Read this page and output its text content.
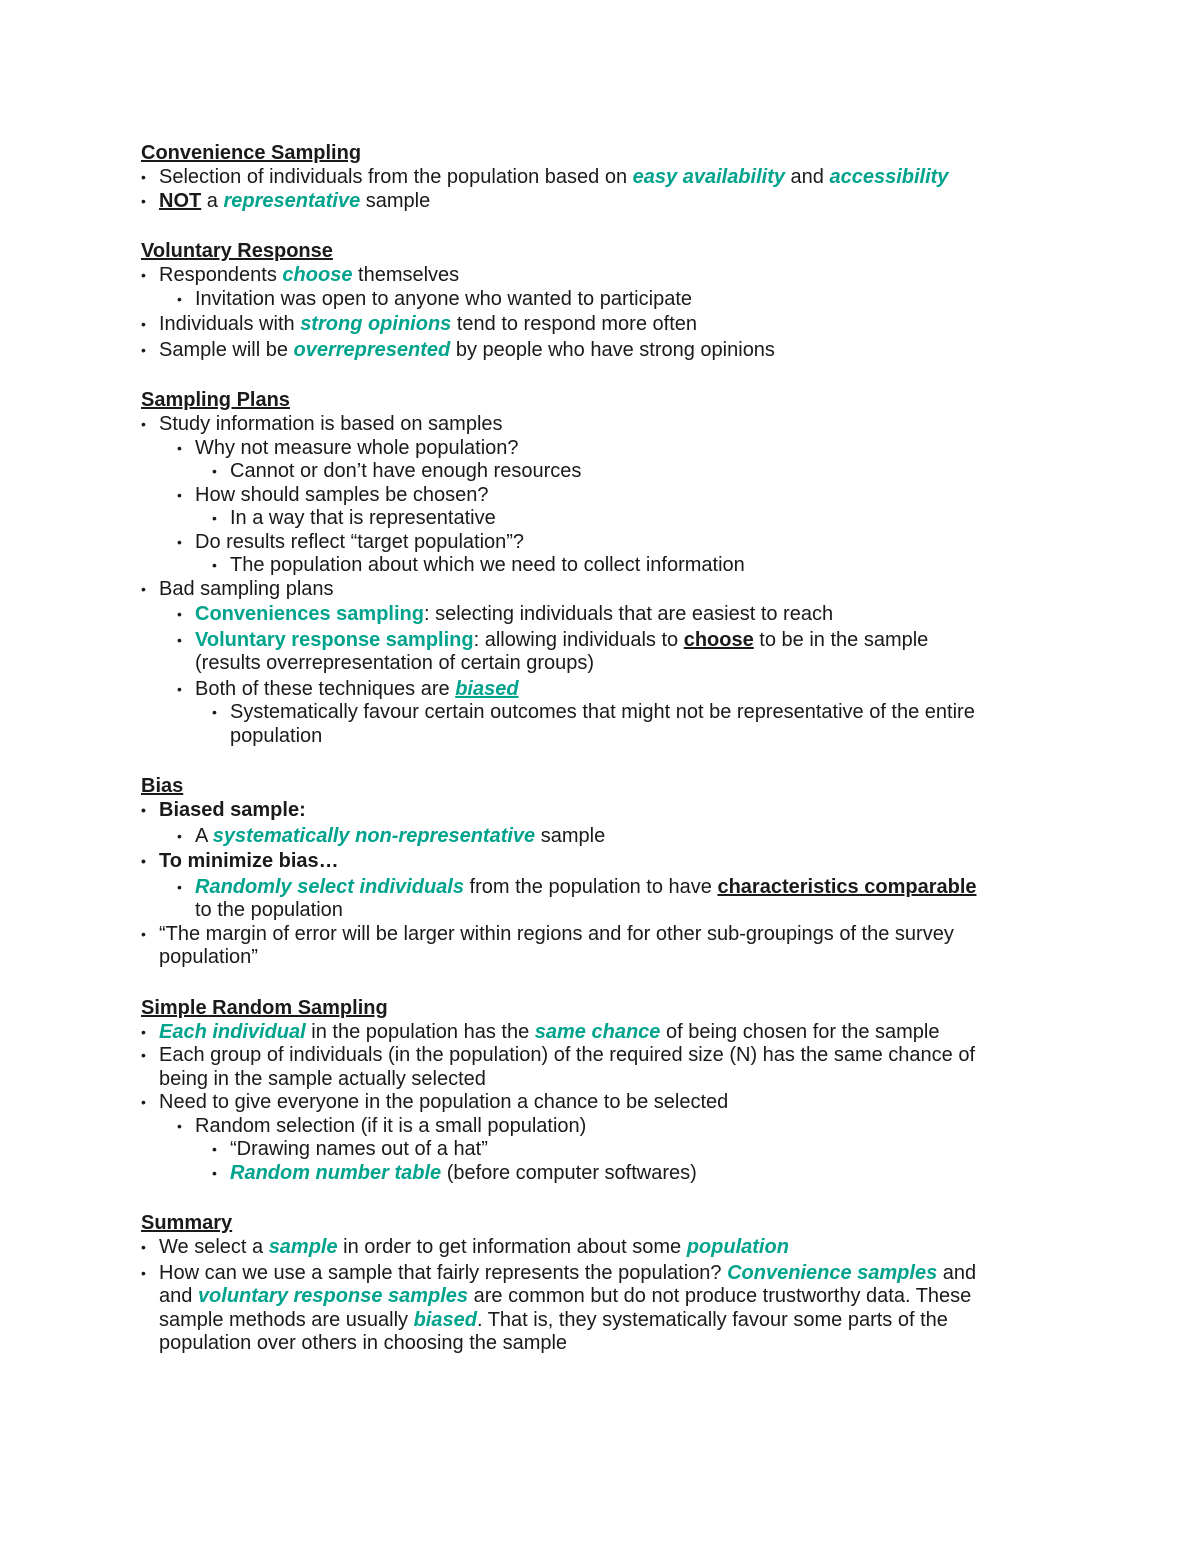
Convenience Sampling
• Selection of individuals from the population based on easy availability and accessibility
• NOT a representative sample
Voluntary Response
• Respondents choose themselves
• Invitation was open to anyone who wanted to participate
• Individuals with strong opinions tend to respond more often
• Sample will be overrepresented by people who have strong opinions
Sampling Plans
• Study information is based on samples
• Why not measure whole population?
• Cannot or don’t have enough resources
• How should samples be chosen?
• In a way that is representative
• Do results reflect “target population”?
• The population about which we need to collect information
• Bad sampling plans
• Conveniences sampling: selecting individuals that are easiest to reach
• Voluntary response sampling: allowing individuals to choose to be in the sample
(results overrepresentation of certain groups)
• Both of these techniques are biased
• Systematically favour certain outcomes that might not be representative of the entire
population
Bias
• Biased sample:
• A systematically non-representative sample
• To minimize bias…
• Randomly select individuals from the population to have characteristics comparable
to the population
• “The margin of error will be larger within regions and for other sub-groupings of the survey
population”
Simple Random Sampling
• Each individual in the population has the same chance of being chosen for the sample
• Each group of individuals (in the population) of the required size (N) has the same chance of
being in the sample actually selected
• Need to give everyone in the population a chance to be selected
• Random selection (if it is a small population)
• “Drawing names out of a hat”
• Random number table (before computer softwares)
Summary
• We select a sample in order to get information about some population
• How can we use a sample that fairly represents the population? Convenience samples and
and voluntary response samples are common but do not produce trustworthy data. These
sample methods are usually biased. That is, they systematically favour some parts of the
population over others in choosing the sample
